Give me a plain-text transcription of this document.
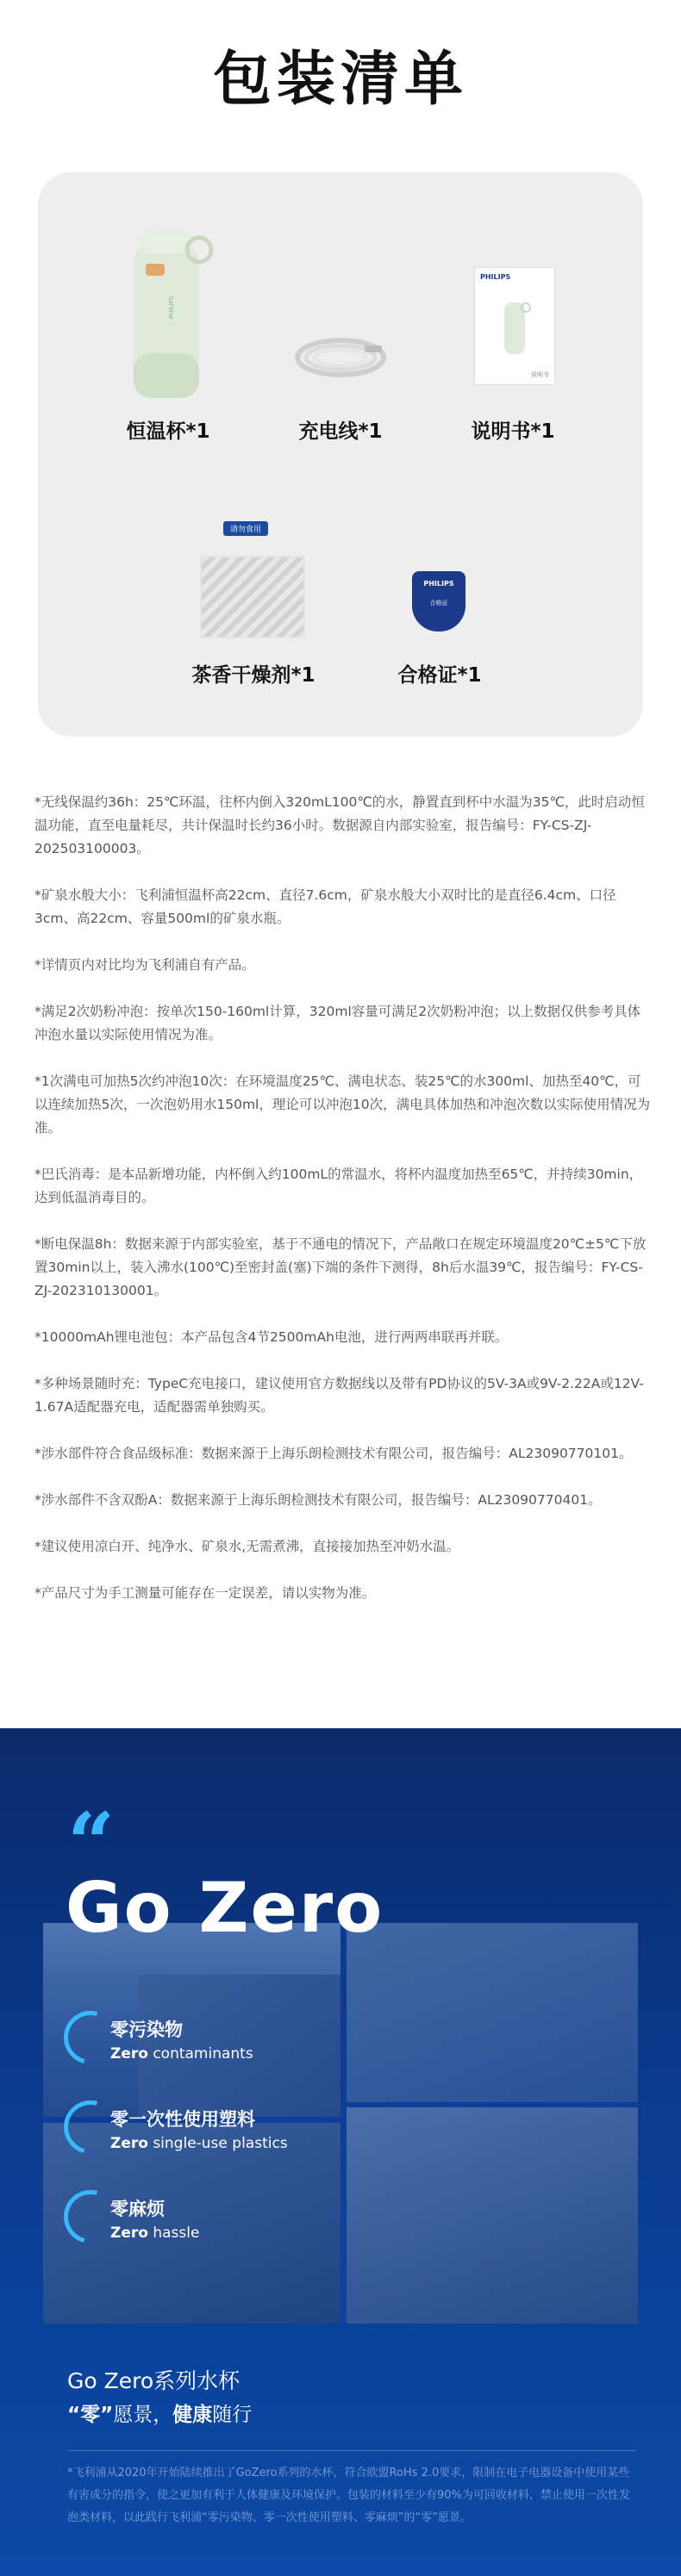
包装清单
PHILIPS
恒温杯*1	充电线*1
PHILIPS
说明书
说明书*1
请勿食用
茶香干燥剂*1
PHILIPS
合格证
合格证*1

*无线保温约36h：25℃环温，往杯内倒入320mL100℃的水，静置直到杯中水温为35℃，此时启动恒温功能，直至电量耗尽，共计保温时长约36小时。数据源自内部实验室，报告编号：FY-CS-ZJ-202503100003。

*矿泉水般大小：飞利浦恒温杯高22cm、直径7.6cm，矿泉水般大小双时比的是直径6.4cm、口径3cm、高22cm、容量500ml的矿泉水瓶。

*详情页内对比均为飞利浦自有产品。

*满足2次奶粉冲泡：按单次150-160ml计算，320ml容量可满足2次奶粉冲泡；以上数据仅供参考具体冲泡水量以实际使用情况为准。

*1次满电可加热5次约冲泡10次：在环境温度25℃、满电状态、装25℃的水300ml、加热至40℃，可以连续加热5次，一次泡奶用水150ml，理论可以冲泡10次，满电具体加热和冲泡次数以实际使用情况为准。

*巴氏消毒：是本品新增功能，内杯倒入约100mL的常温水，将杯内温度加热至65℃，并持续30min，达到低温消毒目的。

*断电保温8h：数据来源于内部实验室，基于不通电的情况下，产品敞口在规定环境温度20℃±5℃下放置30min以上，装入沸水(100℃)至密封盖(塞)下端的条件下测得，8h后水温39℃，报告编号：FY-CS-ZJ-202310130001。

*10000mAh锂电池包：本产品包含4节2500mAh电池，进行两两串联再并联。

*多种场景随时充：TypeC充电接口，建议使用官方数据线以及带有PD协议的5V-3A或9V-2.22A或12V-1.67A适配器充电，适配器需单独购买。

*涉水部件符合食品级标准：数据来源于上海乐朗检测技术有限公司，报告编号：AL23090770101。

*涉水部件不含双酚A：数据来源于上海乐朗检测技术有限公司，报告编号：AL23090770401。

*建议使用凉白开、纯净水、矿泉水,无需煮沸，直接接加热至冲奶水温。

*产品尺寸为手工测量可能存在一定误差，请以实物为准。

“
Go Zero
零污染物
Zero contaminants
零一次性使用塑料
Zero single-use plastics
零麻烦
Zero hassle
Go Zero系列水杯
“零”愿景，健康随行
*飞利浦从2020年开始陆续推出了GoZero系列的水杯，符合欧盟RoHs 2.0要求，限制在电子电器设备中使用某些有害成分的指令，使之更加有利于人体健康及环境保护。包装的材料至少有90%为可回收材料，禁止使用一次性发泡类材料，以此践行飞利浦“零污染物、零一次性使用塑料、零麻烦”的“零”愿景。
